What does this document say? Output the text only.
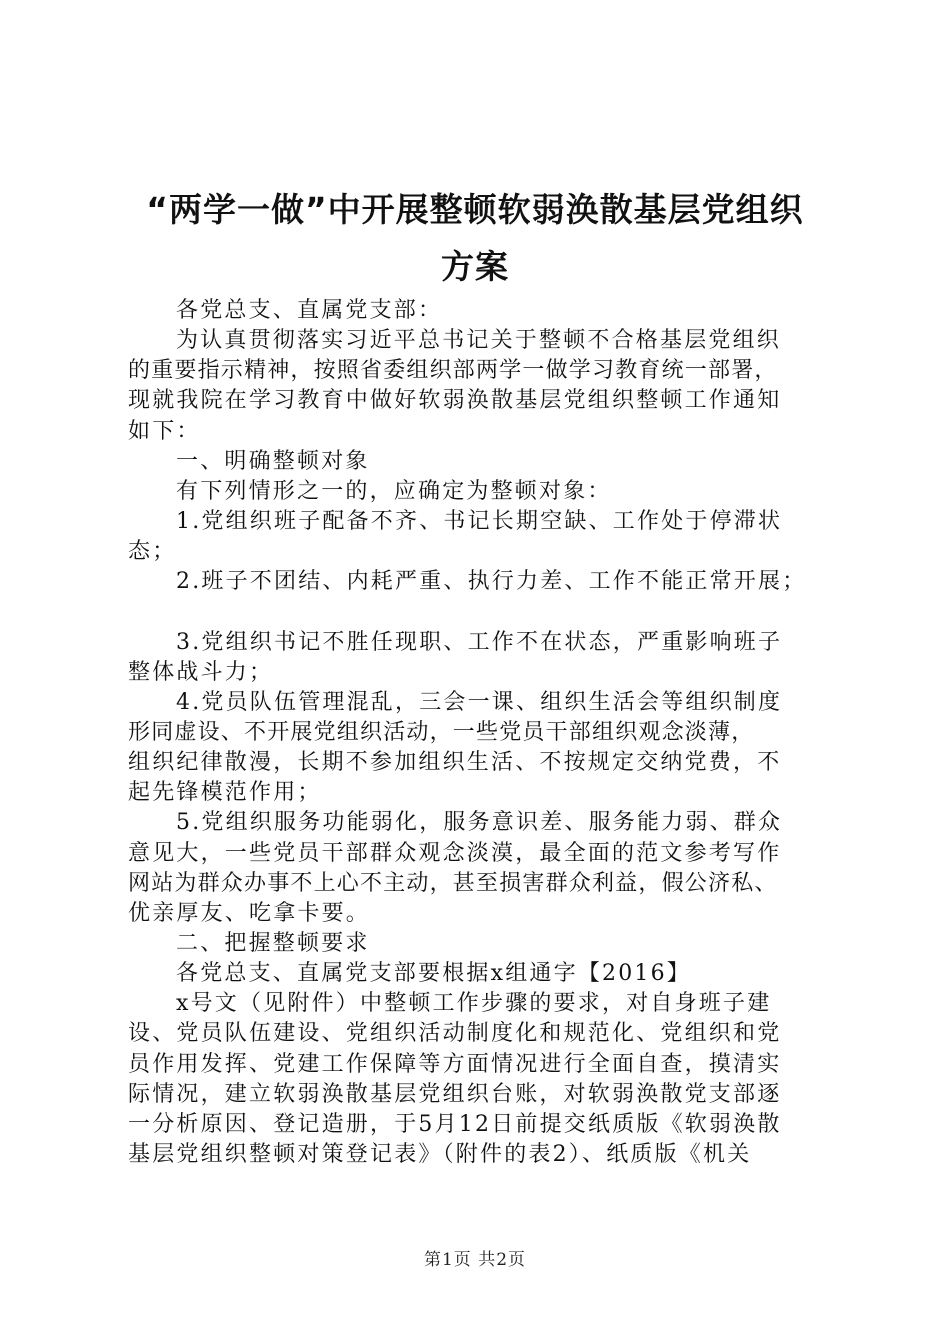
“两学一做”中开展整顿软弱涣散基层党组织
方案
各党总支、直属党支部：
为认真贯彻落实习近平总书记关于整顿不合格基层党组织
的重要指示精神，按照省委组织部两学一做学习教育统一部署，
现就我院在学习教育中做好软弱涣散基层党组织整顿工作通知
如下：
一、明确整顿对象
有下列情形之一的，应确定为整顿对象：
1.党组织班子配备不齐、书记长期空缺、工作处于停滞状
态；
2.班子不团结、内耗严重、执行力差、工作不能正常开展；
3.党组织书记不胜任现职、工作不在状态，严重影响班子
整体战斗力；
4.党员队伍管理混乱，三会一课、组织生活会等组织制度
形同虚设、不开展党组织活动，一些党员干部组织观念淡薄，
组织纪律散漫，长期不参加组织生活、不按规定交纳党费，不
起先锋模范作用；
5.党组织服务功能弱化，服务意识差、服务能力弱、群众
意见大，一些党员干部群众观念淡漠，最全面的范文参考写作
网站为群众办事不上心不主动，甚至损害群众利益，假公济私、
优亲厚友、吃拿卡要。
二、把握整顿要求
各党总支、直属党支部要根据x组通字【2016】
x号文（见附件）中整顿工作步骤的要求，对自身班子建
设、党员队伍建设、党组织活动制度化和规范化、党组织和党
员作用发挥、党建工作保障等方面情况进行全面自查，摸清实
际情况，建立软弱涣散基层党组织台账，对软弱涣散党支部逐
一分析原因、登记造册，于5月12日前提交纸质版《软弱涣散
基层党组织整顿对策登记表》（附件的表2）、纸质版《机关
第1页 共2页
